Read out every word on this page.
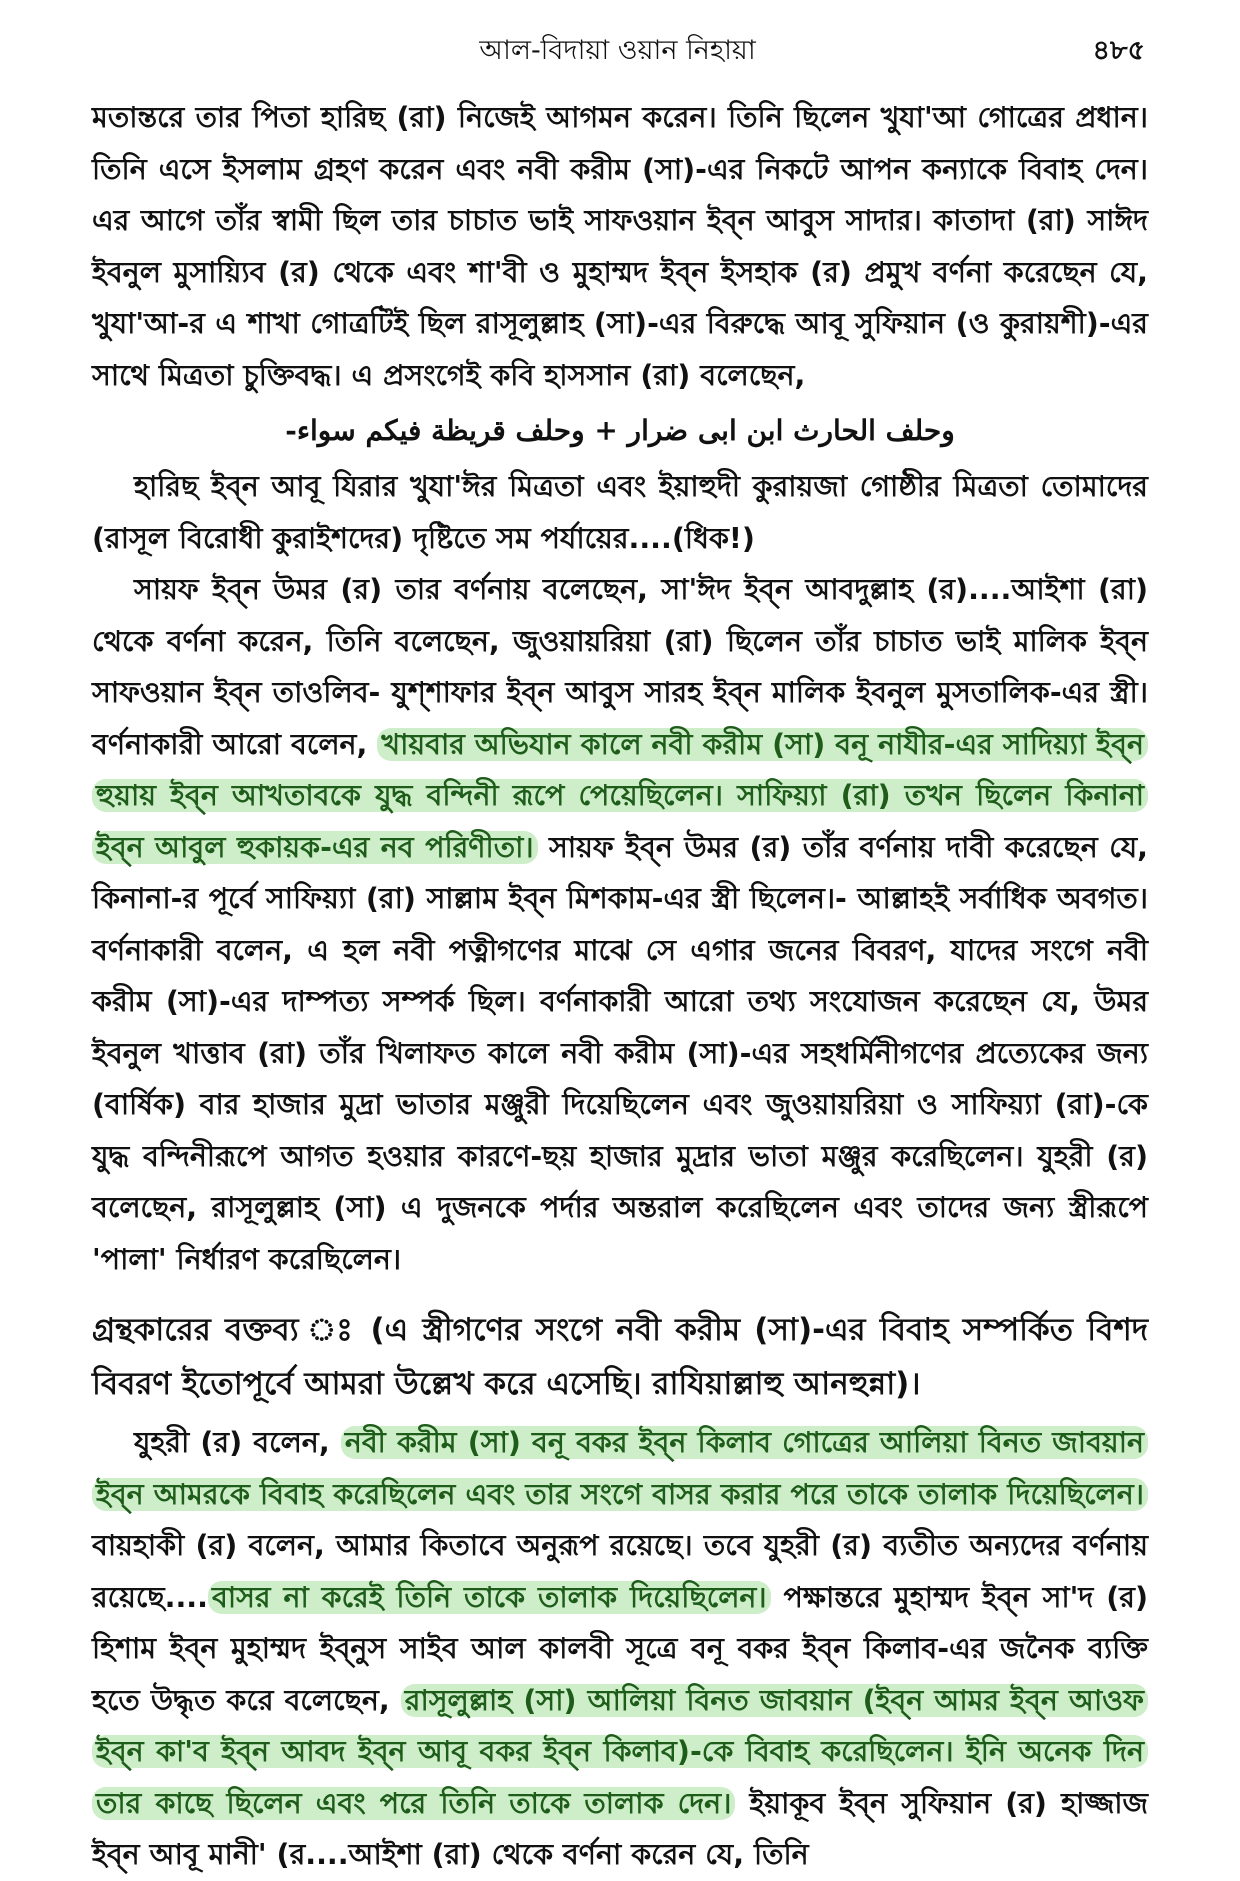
আল-বিদায়া ওয়ান নিহায়া	৪৮৫

মতান্তরে তার পিতা হারিছ (রা) নিজেই আগমন করেন। তিনি ছিলেন খুযা'আ গোত্রের প্রধান। তিনি এসে ইসলাম গ্রহণ করেন এবং নবী করীম (সা)-এর নিকটে আপন কন্যাকে বিবাহ দেন। এর আগে তাঁর স্বামী ছিল তার চাচাত ভাই সাফওয়ান ইব্ন আবুস সাদার। কাতাদা (রা) সাঈদ ইবনুল মুসায়্যিব (র) থেকে এবং শা'বী ও মুহাম্মদ ইব্ন ইসহাক (র) প্রমুখ বর্ণনা করেছেন যে, খুযা'আ-র এ শাখা গোত্রটিই ছিল রাসূলুল্লাহ (সা)-এর বিরুদ্ধে আবূ সুফিয়ান (ও কুরায়শী)-এর সাথে মিত্রতা চুক্তিবদ্ধ। এ প্রসংগেই কবি হাসসান (রা) বলেছেন,

وحلف الحارث ابن ابى ضرار + وحلف قريظة فيكم سواء-

হারিছ ইব্ন আবূ যিরার খুযা'ঈর মিত্রতা এবং ইয়াহুদী কুরায়জা গোষ্ঠীর মিত্রতা তোমাদের (রাসূল বিরোধী কুরাইশদের) দৃষ্টিতে সম পর্যায়ের....(ধিক!)

সায়ফ ইব্ন উমর (র) তার বর্ণনায় বলেছেন, সা'ঈদ ইব্ন আবদুল্লাহ (র)....আইশা (রা) থেকে বর্ণনা করেন, তিনি বলেছেন, জুওয়ায়রিয়া (রা) ছিলেন তাঁর চাচাত ভাই মালিক ইব্ন সাফওয়ান ইব্ন তাওলিব- যুশ্‌শাফার ইব্ন আবুস সারহ ইব্ন মালিক ইবনুল মুসতালিক-এর স্ত্রী। বর্ণনাকারী আরো বলেন, খায়বার অভিযান কালে নবী করীম (সা) বনূ নাযীর-এর সাদিয়্যা ইব্ন হুয়ায় ইব্ন আখতাবকে যুদ্ধ বন্দিনী রূপে পেয়েছিলেন। সাফিয়্যা (রা) তখন ছিলেন কিনানা ইব্ন আবুল হুকায়ক-এর নব পরিণীতা। সায়ফ ইব্ন উমর (র) তাঁর বর্ণনায় দাবী করেছেন যে, কিনানা-র পূর্বে সাফিয়্যা (রা) সাল্লাম ইব্ন মিশকাম-এর স্ত্রী ছিলেন।- আল্লাহই সর্বাধিক অবগত। বর্ণনাকারী বলেন, এ হল নবী পত্নীগণের মাঝে সে এগার জনের বিবরণ, যাদের সংগে নবী করীম (সা)-এর দাম্পত্য সম্পর্ক ছিল। বর্ণনাকারী আরো তথ্য সংযোজন করেছেন যে, উমর ইবনুল খাত্তাব (রা) তাঁর খিলাফত কালে নবী করীম (সা)-এর সহধর্মিনীগণের প্রত্যেকের জন্য (বার্ষিক) বার হাজার মুদ্রা ভাতার মঞ্জুরী দিয়েছিলেন এবং জুওয়ায়রিয়া ও সাফিয়্যা (রা)-কে যুদ্ধ বন্দিনীরূপে আগত হওয়ার কারণে-ছয় হাজার মুদ্রার ভাতা মঞ্জুর করেছিলেন। যুহরী (র) বলেছেন, রাসূলুল্লাহ (সা) এ দুজনকে পর্দার অন্তরাল করেছিলেন এবং তাদের জন্য স্ত্রীরূপে 'পালা' নির্ধারণ করেছিলেন।

গ্রন্থকারের বক্তব্য ঃ (এ স্ত্রীগণের সংগে নবী করীম (সা)-এর বিবাহ সম্পর্কিত বিশদ বিবরণ ইতোপূর্বে আমরা উল্লেখ করে এসেছি। রাযিয়াল্লাহু আনহুন্না)।

যুহরী (র) বলেন, নবী করীম (সা) বনূ বকর ইব্ন কিলাব গোত্রের আলিয়া বিনত জাবয়ান ইব্ন আমরকে বিবাহ করেছিলেন এবং তার সংগে বাসর করার পরে তাকে তালাক দিয়েছিলেন। বায়হাকী (র) বলেন, আমার কিতাবে অনুরূপ রয়েছে। তবে যুহরী (র) ব্যতীত অন্যদের বর্ণনায় রয়েছে.... বাসর না করেই তিনি তাকে তালাক দিয়েছিলেন। পক্ষান্তরে মুহাম্মদ ইব্ন সা'দ (র) হিশাম ইব্ন মুহাম্মদ ইব্নুস সাইব আল কালবী সূত্রে বনূ বকর ইব্ন কিলাব-এর জনৈক ব্যক্তি হতে উদ্ধৃত করে বলেছেন, রাসূলুল্লাহ (সা) আলিয়া বিনত জাবয়ান (ইব্ন আমর ইব্ন আওফ ইব্ন কা'ব ইব্ন আবদ ইব্ন আবূ বকর ইব্ন কিলাব)-কে বিবাহ করেছিলেন। ইনি অনেক দিন তার কাছে ছিলেন এবং পরে তিনি তাকে তালাক দেন। ইয়াকূব ইব্ন সুফিয়ান (র) হাজ্জাজ ইব্ন আবূ মানী' (র....আইশা (রা) থেকে বর্ণনা করেন যে, তিনি
